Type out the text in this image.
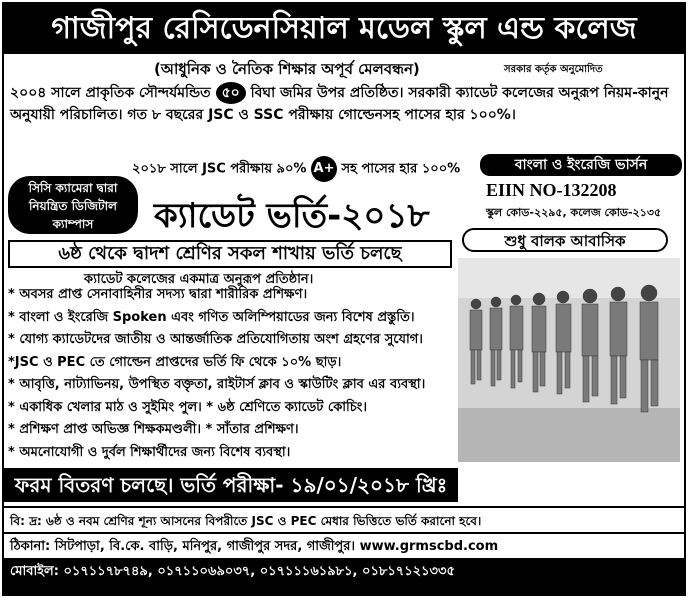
গাজীপুর রেসিডেনসিয়াল মডেল স্কুল এন্ড কলেজ
(আধুনিক ও নৈতিক শিক্ষার অপূর্ব মেলবন্ধন)	সরকার কর্তৃক অনুমোদিত
২০০৪ সালে প্রাকৃতিক সৌন্দর্যমন্ডিত ৫০ বিঘা জমির উপর প্রতিষ্ঠিত। সরকারী ক্যাডেট কলেজের অনুরূপ নিয়ম-কানুন অনুযায়ী পরিচালিত। গত ৮ বছরের JSC ও SSC পরীক্ষায় গোল্ডেনসহ পাসের হার ১০০%।
২০১৮ সালে JSC পরীক্ষায় ৯০% A+ সহ পাসের হার ১০০%	বাংলা ও ইংরেজি ভার্সন
সিসি ক্যামেরা দ্বারা
নিয়ন্ত্রিত ডিজিটাল
ক্যাম্পাস	ক্যাডেট ভর্তি-২০১৮
EIIN NO-132208
স্কুল কোড-২২৯৫, কলেজ কোড-২১৩৫
শুধু বালক আবাসিক
৬ষ্ঠ থেকে দ্বাদশ শ্রেণির সকল শাখায় ভর্তি চলছে
ক্যাডেট কলেজের একমাত্র অনুরূপ প্রতিষ্ঠান।
* অবসর প্রাপ্ত সেনাবাহিনীর সদস্য দ্বারা শারীরিক প্রশিক্ষণ।
* বাংলা ও ইংরেজি Spoken এবং গণিত অলিম্পিয়াডের জন্য বিশেষ প্রস্তুতি।
* যোগ্য ক্যাডেটদের জাতীয় ও আন্তর্জাতিক প্রতিযোগিতায় অংশ গ্রহণের সুযোগ।
*JSC ও PEC তে গোল্ডেন প্রাপ্তদের ভর্তি ফি থেকে ১০% ছাড়।
* আবৃত্তি, নাট্যাভিনয়, উপস্থিত বক্তৃতা, রাইটার্স ক্লাব ও স্কাউটিং ক্লাব এর ব্যবস্থা।
* একাধিক খেলার মাঠ ও সুইমিং পুল। * ৬ষ্ঠ শ্রেণিতে ক্যাডেট কোচিং।
* প্রশিক্ষণ প্রাপ্ত অভিজ্ঞ শিক্ষকমণ্ডলী। * সাঁতার প্রশিক্ষণ।
* অমনোযোগী ও দুর্বল শিক্ষার্থীদের জন্য বিশেষ ব্যবস্থা।
ফরম বিতরণ চলছে। ভর্তি পরীক্ষা- ১৯/০১/২০১৮ খ্রিঃ
বি: দ্র: ৬ষ্ঠ ও নবম শ্রেণির শূন্য আসনের বিপরীতে JSC ও PEC মেধার ভিত্তিতে ভর্তি করানো হবে।
ঠিকানা: সিটপাড়া, বি.কে. বাড়ি, মনিপুর, গাজীপুর সদর, গাজীপুর। www.grmscbd.com
মোবাইল: ০১৭১১৭৮৭৪৯, ০১৭১১০৬৯০৩৭, ০১৭১১১৬১৯৮১, ০১৮১৭১২১৩৩৫
